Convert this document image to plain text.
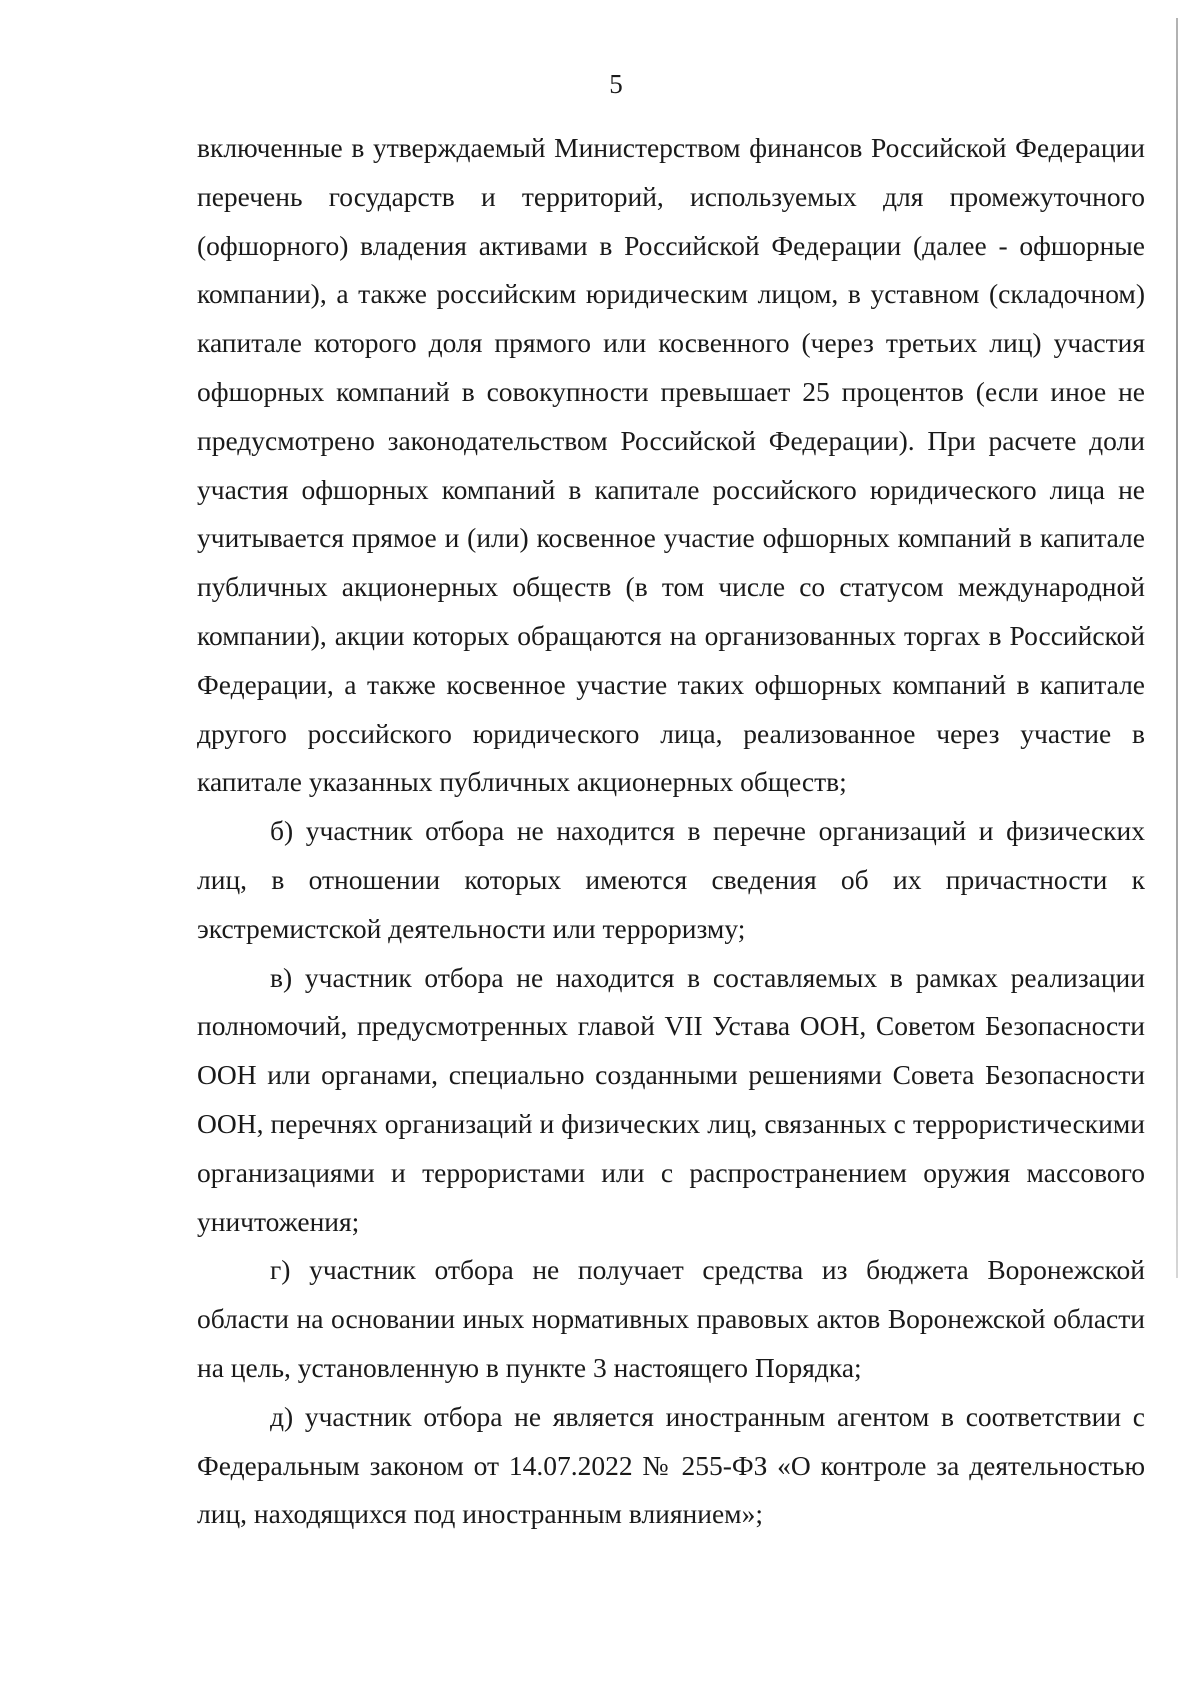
5

включенные в утверждаемый Министерством финансов Российской Федерации перечень государств и территорий, используемых для промежуточного (офшорного) владения активами в Российской Федерации (далее - офшорные компании), а также российским юридическим лицом, в уставном (складочном) капитале которого доля прямого или косвенного (через третьих лиц) участия офшорных компаний в совокупности превышает 25 процентов (если иное не предусмотрено законодательством Российской Федерации). При расчете доли участия офшорных компаний в капитале российского юридического лица не учитывается прямое и (или) косвенное участие офшорных компаний в капитале публичных акционерных обществ (в том числе со статусом международной компании), акции которых обращаются на организованных торгах в Российской Федерации, а также косвенное участие таких офшорных компаний в капитале другого российского юридического лица, реализованное через участие в капитале указанных публичных акционерных обществ;

б) участник отбора не находится в перечне организаций и физических лиц, в отношении которых имеются сведения об их причастности к экстремистской деятельности или терроризму;

в) участник отбора не находится в составляемых в рамках реализации полномочий, предусмотренных главой VII Устава ООН, Советом Безопасности ООН или органами, специально созданными решениями Совета Безопасности ООН, перечнях организаций и физических лиц, связанных с террористическими организациями и террористами или с распространением оружия массового уничтожения;

г) участник отбора не получает средства из бюджета Воронежской области на основании иных нормативных правовых актов Воронежской области на цель, установленную в пункте 3 настоящего Порядка;

д) участник отбора не является иностранным агентом в соответствии с Федеральным законом от 14.07.2022 № 255-ФЗ «О контроле за деятельностью лиц, находящихся под иностранным влиянием»;
